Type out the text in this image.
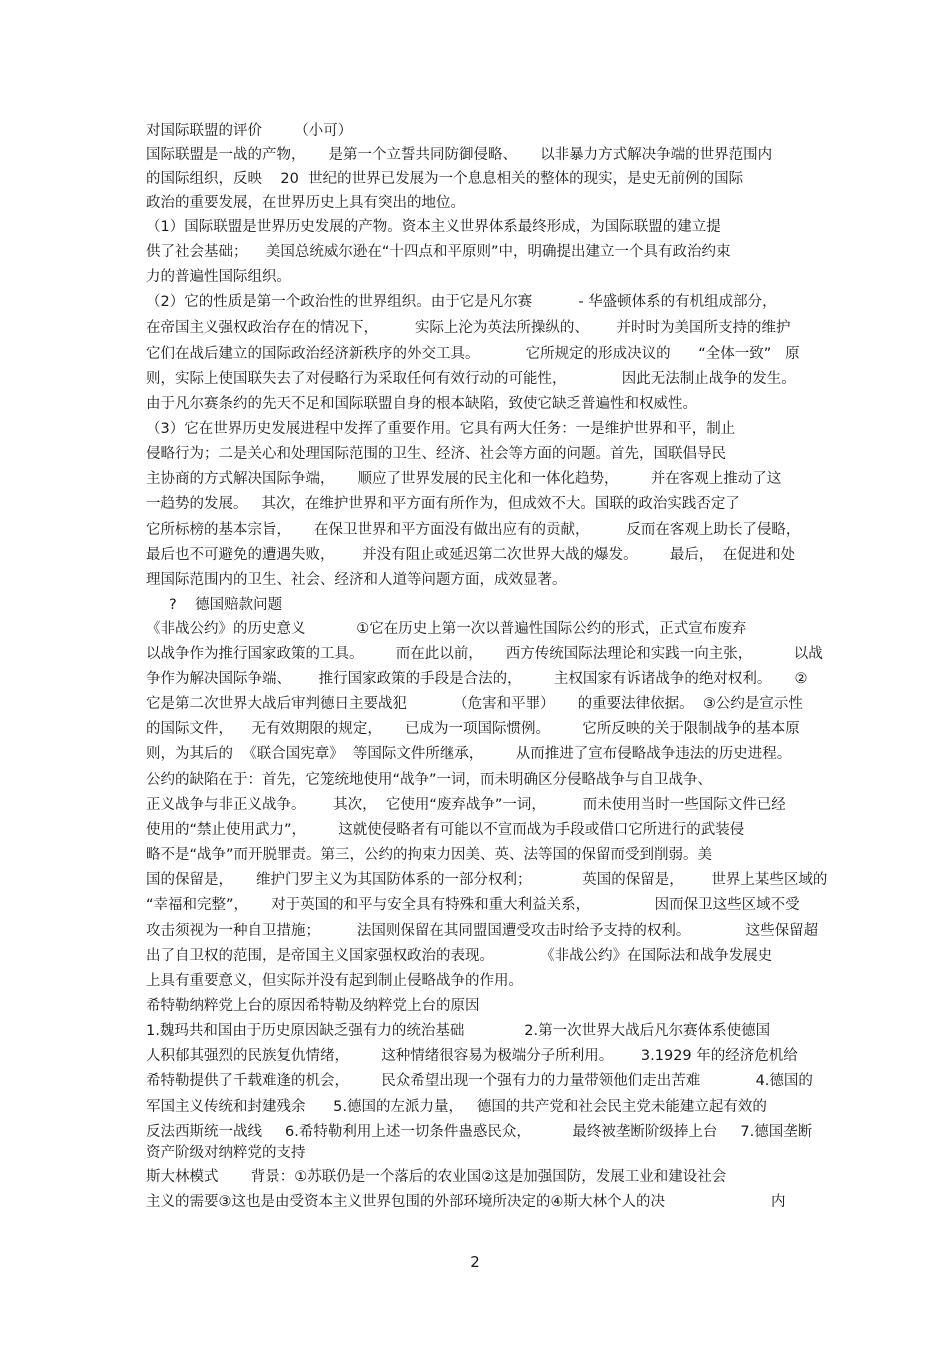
对国际联盟的评价       （小可）
国际联盟是一战的产物，     是第一个立誓共同防御侵略、     以非暴力方式解决争端的世界范围内
的国际组织，反映    20  世纪的世界已发展为一个息息相关的整体的现实，是史无前例的国际
政治的重要发展，在世界历史上具有突出的地位。
（1）国际联盟是世界历史发展的产物。资本主义世界体系最终形成，为国际联盟的建立提
供了社会基础；    美国总统威尔逊在“十四点和平原则”中，明确提出建立一个具有政治约束
力的普遍性国际组织。
（2）它的性质是第一个政治性的世界组织。由于它是凡尔赛          - 华盛顿体系的有机组成部分，
在帝国主义强权政治存在的情况下，        实际上沦为英法所操纵的、      并时时为美国所支持的维护
它们在战后建立的国际政治经济新秩序的外交工具。          它所规定的形成决议的      “全体一致”   原
则，实际上使国联失去了对侵略行为采取任何有效行动的可能性，            因此无法制止战争的发生。
由于凡尔赛条约的先天不足和国际联盟自身的根本缺陷，致使它缺乏普遍性和权威性。
（3）它在世界历史发展进程中发挥了重要作用。它具有两大任务：一是维护世界和平，制止
侵略行为；二是关心和处理国际范围的卫生、经济、社会等方面的问题。首先，国联倡导民
主协商的方式解决国际争端，     顺应了世界发展的民主化和一体化趋势，       并在客观上推动了这
一趋势的发展。   其次，在维护世界和平方面有所作为，但成效不大。国联的政治实践否定了
它所标榜的基本宗旨，     在保卫世界和平方面没有做出应有的贡献，        反而在客观上助长了侵略，
最后也不可避免的遭遇失败，      并没有阻止或延迟第二次世界大战的爆发。       最后，  在促进和处
理国际范围内的卫生、社会、经济和人道等问题方面，成效显著。
?    德国赔款问题
《非战公约》的历史意义           ①它在历史上第一次以普遍性国际公约的形式，正式宣布废弃
以战争作为推行国家政策的工具。       而在此以前，     西方传统国际法理论和实践一向主张，         以战
争作为解决国际争端、      推行国家政策的手段是合法的，       主权国家有诉诸战争的绝对权利。     ②
它是第二次世界大战后审判德日主要战犯          （危害和平罪）     的重要法律依据。  ③公约是宣示性
的国际文件，    无有效期限的规定，     已成为一项国际惯例。       它所反映的关于限制战争的基本原
则，为其后的  《联合国宪章》  等国际文件所继承，       从而推进了宣布侵略战争违法的历史进程。
公约的缺陷在于：首先，它笼统地使用“战争”一词，而未明确区分侵略战争与自卫战争、
正义战争与非正义战争。      其次，  它使用“废弃战争”一词，        而未使用当时一些国际文件已经
使用的“禁止使用武力”，       这就使侵略者有可能以不宣而战为手段或借口它所进行的武装侵
略不是“战争”而开脱罪责。第三，公约的拘束力因美、英、法等国的保留而受到削弱。美
国的保留是，     维护门罗主义为其国防体系的一部分权利；           英国的保留是，      世界上某些区域的
“幸福和完整”，     对于英国的和平与安全具有特殊和重大利益关系，              因而保卫这些区域不受
攻击须视为一种自卫措施；        法国则保留在其同盟国遭受攻击时给予支持的权利。            这些保留超
出了自卫权的范围，是帝国主义国家强权政治的表现。          《非战公约》在国际法和战争发展史
上具有重要意义，但实际并没有起到制止侵略战争的作用。
希特勒纳粹党上台的原因希特勒及纳粹党上台的原因
1.魏玛共和国由于历史原因缺乏强有力的统治基础             2.第一次世界大战后凡尔赛体系使德国
人积郁其强烈的民族复仇情绪，       这种情绪很容易为极端分子所利用。      3.1929 年的经济危机给
希特勒提供了千载难逢的机会，       民众希望出现一个强有力的力量带领他们走出苦难            4.德国的
军国主义传统和封建残余      5.德国的左派力量，   德国的共产党和社会民主党未能建立起有效的
反法西斯统一战线     6.希特勒利用上述一切条件蛊惑民众，         最终被垄断阶级捧上台     7.德国垄断
资产阶级对纳粹党的支持
斯大林模式       背景：①苏联仍是一个落后的农业国②这是加强国防，发展工业和建设社会
主义的需要③这也是由受资本主义世界包围的外部环境所决定的④斯大林个人的决                       内
2
